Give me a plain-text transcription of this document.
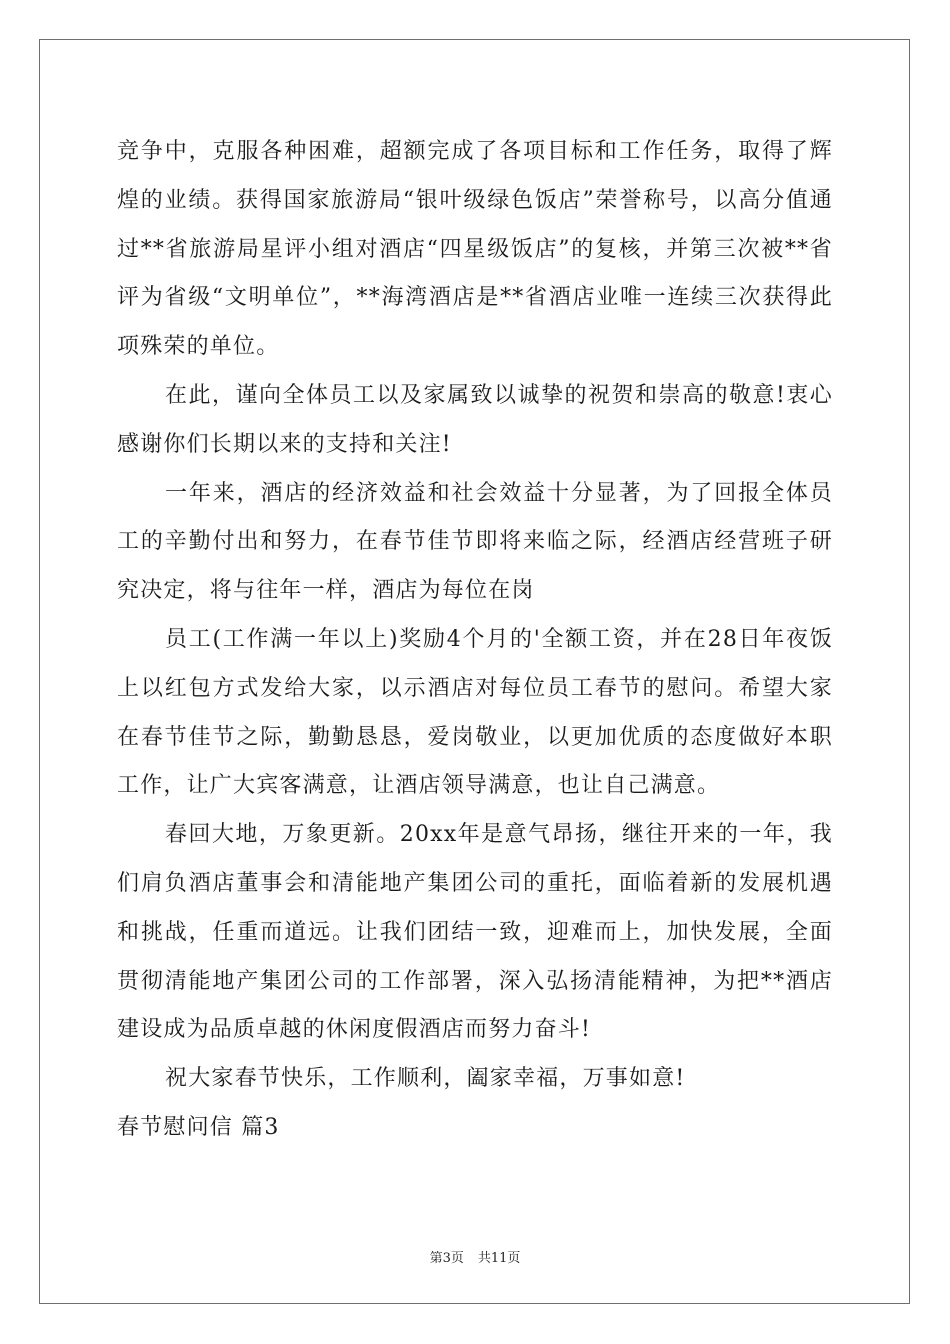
竞争中，克服各种困难，超额完成了各项目标和工作任务，取得了辉煌的业绩。获得国家旅游局“银叶级绿色饭店”荣誉称号，以高分值通过**省旅游局星评小组对酒店“四星级饭店”的复核，并第三次被**省评为省级“文明单位”，**海湾酒店是**省酒店业唯一连续三次获得此项殊荣的单位。

在此，谨向全体员工以及家属致以诚挚的祝贺和崇高的敬意!衷心感谢你们长期以来的支持和关注!

一年来，酒店的经济效益和社会效益十分显著，为了回报全体员工的辛勤付出和努力，在春节佳节即将来临之际，经酒店经营班子研究决定，将与往年一样，酒店为每位在岗

员工(工作满一年以上)奖励4个月的'全额工资，并在28日年夜饭上以红包方式发给大家，以示酒店对每位员工春节的慰问。希望大家在春节佳节之际，勤勤恳恳，爱岗敬业，以更加优质的态度做好本职工作，让广大宾客满意，让酒店领导满意，也让自己满意。

春回大地，万象更新。20xx年是意气昂扬，继往开来的一年，我们肩负酒店董事会和清能地产集团公司的重托，面临着新的发展机遇和挑战，任重而道远。让我们团结一致，迎难而上，加快发展，全面贯彻清能地产集团公司的工作部署，深入弘扬清能精神，为把**酒店建设成为品质卓越的休闲度假酒店而努力奋斗!

祝大家春节快乐，工作顺利，阖家幸福，万事如意!

春节慰问信 篇3

第3页 共11页
